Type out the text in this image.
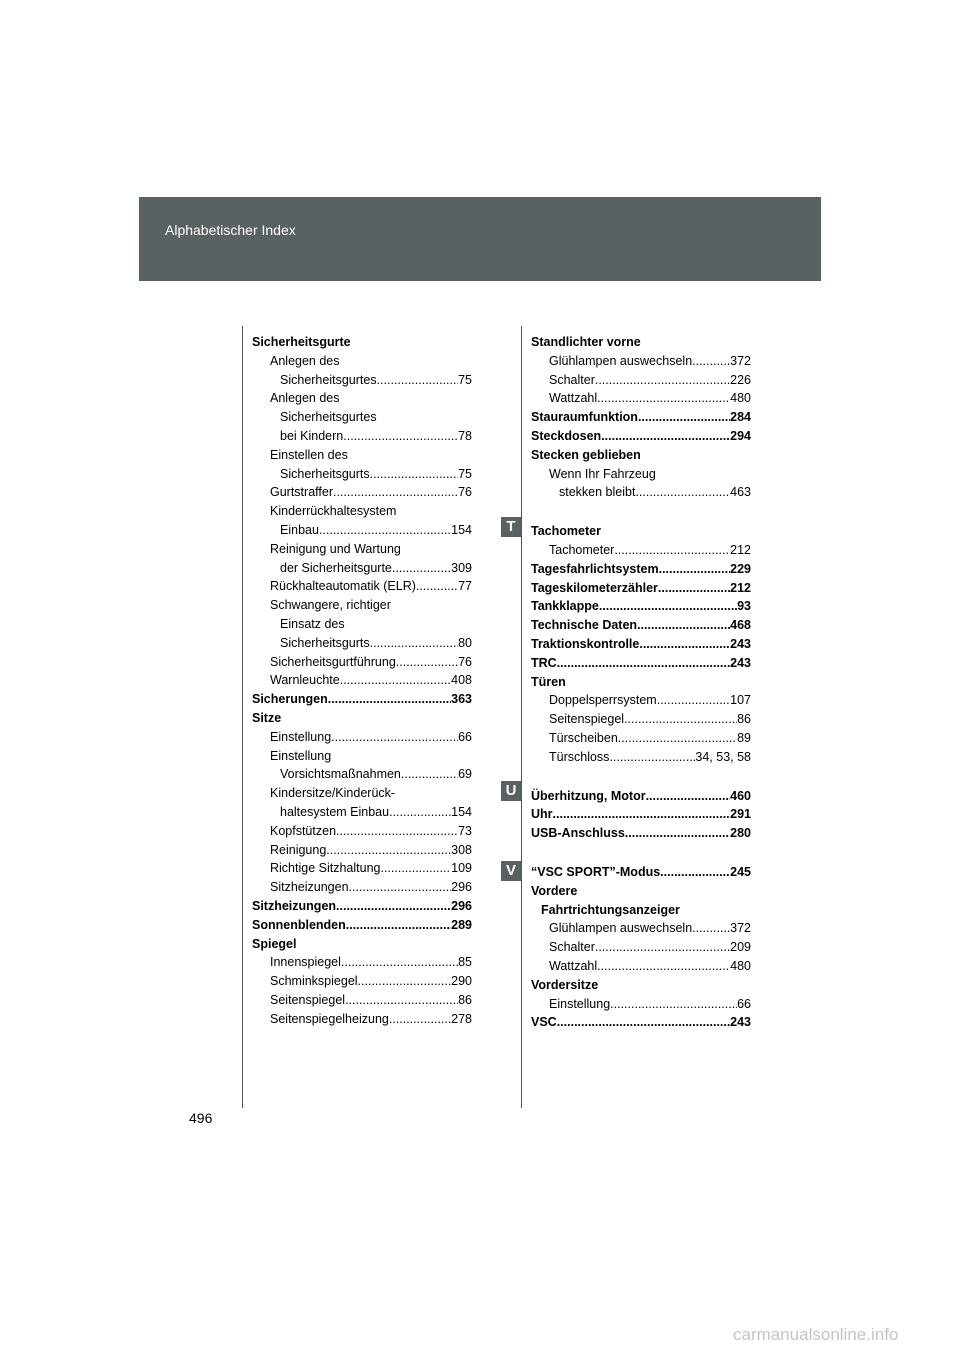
Alphabetischer Index
T
U
V
Sicherheitsgurte
Anlegen des
Sicherheitsgurtes .....	75
Anlegen des
Sicherheitsgurtes
bei Kindern .....	78
Einstellen des
Sicherheitsgurts .....	75
Gurtstraffer .....	76
Kinderrückhaltesystem
Einbau .....	154
Reinigung und Wartung
der Sicherheitsgurte .....	309
Rückhalteautomatik (ELR) .....	77
Schwangere, richtiger
Einsatz des
Sicherheitsgurts .....	80
Sicherheitsgurtführung .....	76
Warnleuchte .....	408
Sicherungen .....	363
Sitze
Einstellung .....	66
Einstellung
Vorsichtsmaßnahmen .....	69
Kindersitze/Kinderück-
haltesystem Einbau .....	154
Kopfstützen .....	73
Reinigung .....	308
Richtige Sitzhaltung .....	109
Sitzheizungen .....	296
Sitzheizungen .....	296
Sonnenblenden .....	289
Spiegel
Innenspiegel .....	85
Schminkspiegel .....	290
Seitenspiegel .....	86
Seitenspiegelheizung .....	278
Standlichter vorne
Glühlampen auswechseln .....	372
Schalter .....	226
Wattzahl .....	480
Stauraumfunktion .....	284
Steckdosen .....	294
Stecken geblieben
Wenn Ihr Fahrzeug
stekken bleibt .....	463
Tachometer
Tachometer .....	212
Tagesfahrlichtsystem .....	229
Tageskilometerzähler .....	212
Tankklappe .....	93
Technische Daten .....	468
Traktionskontrolle .....	243
TRC .....	243
Türen
Doppelsperrsystem .....	107
Seitenspiegel .....	86
Türscheiben .....	89
Türschloss .....	34, 53, 58
Überhitzung, Motor .....	460
Uhr .....	291
USB-Anschluss .....	280
“VSC SPORT”-Modus .....	245
Vordere
Fahrtrichtungsanzeiger
Glühlampen auswechseln .....	372
Schalter .....	209
Wattzahl .....	480
Vordersitze
Einstellung .....	66
VSC .....	243
496
carmanualsonline.info
